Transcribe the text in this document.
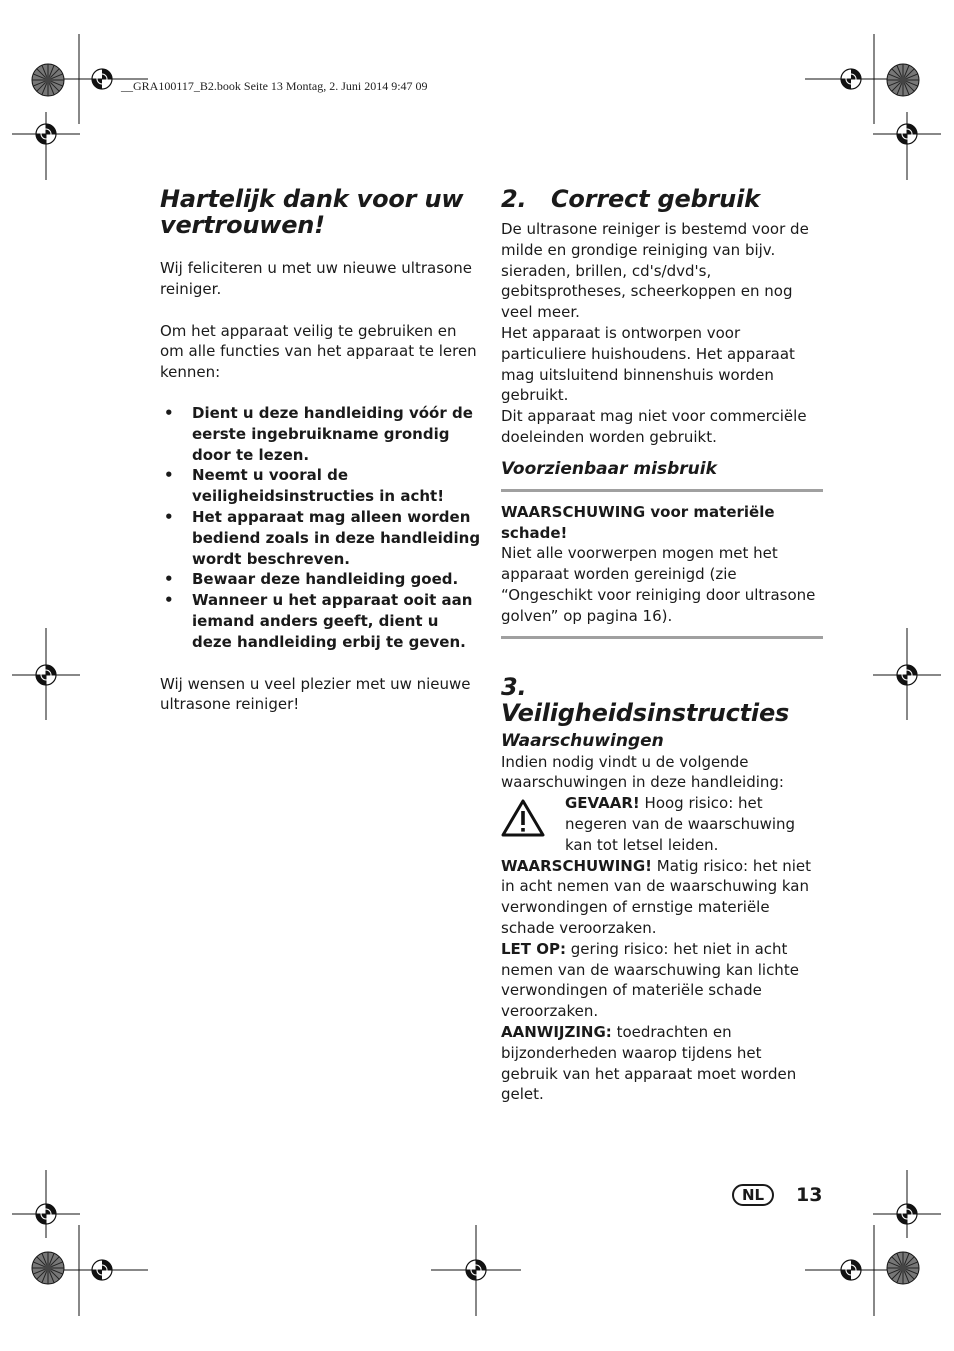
__GRA100117_B2.book Seite 13 Montag, 2. Juni 2014 9:47 09
Hartelijk dank voor uw vertrouwen!

Wij feliciteren u met uw nieuwe ultrasone reiniger.

Om het apparaat veilig te gebruiken en om alle functies van het apparaat te leren kennen:

• Dient u deze handleiding vóór de eerste ingebruikname grondig door te lezen.
• Neemt u vooral de veiligheidsinstructies in acht!
• Het apparaat mag alleen worden bediend zoals in deze handleiding wordt beschreven.
• Bewaar deze handleiding goed.
• Wanneer u het apparaat ooit aan iemand anders geeft, dient u deze handleiding erbij te geven.

Wij wensen u veel plezier met uw nieuwe ultrasone reiniger!

2. Correct gebruik

De ultrasone reiniger is bestemd voor de milde en grondige reiniging van bijv. sieraden, brillen, cd's/dvd's, gebitsprotheses, scheerkoppen en nog veel meer.

Het apparaat is ontworpen voor particuliere huishoudens. Het apparaat mag uitsluitend binnenshuis worden gebruikt.

Dit apparaat mag niet voor commerciële doeleinden worden gebruikt.

Voorzienbaar misbruik

WAARSCHUWING voor materiële schade!

Niet alle voorwerpen mogen met het apparaat worden gereinigd (zie “Ongeschikt voor reiniging door ultrasone golven” op pagina 16).

3.Veiligheidsinstructies
Waarschuwingen

Indien nodig vindt u de volgende waarschuwingen in deze handleiding:

GEVAAR! Hoog risico: het negeren van de waarschuwing kan tot letsel leiden.

WAARSCHUWING! Matig risico: het niet in acht nemen van de waarschuwing kan verwondingen of ernstige materiële schade veroorzaken.

LET OP: gering risico: het niet in acht nemen van de waarschuwing kan lichte verwondingen of materiële schade veroorzaken.

AANWIJZING: toedrachten en bijzonderheden waarop tijdens het gebruik van het apparaat moet worden gelet.

NL	13
